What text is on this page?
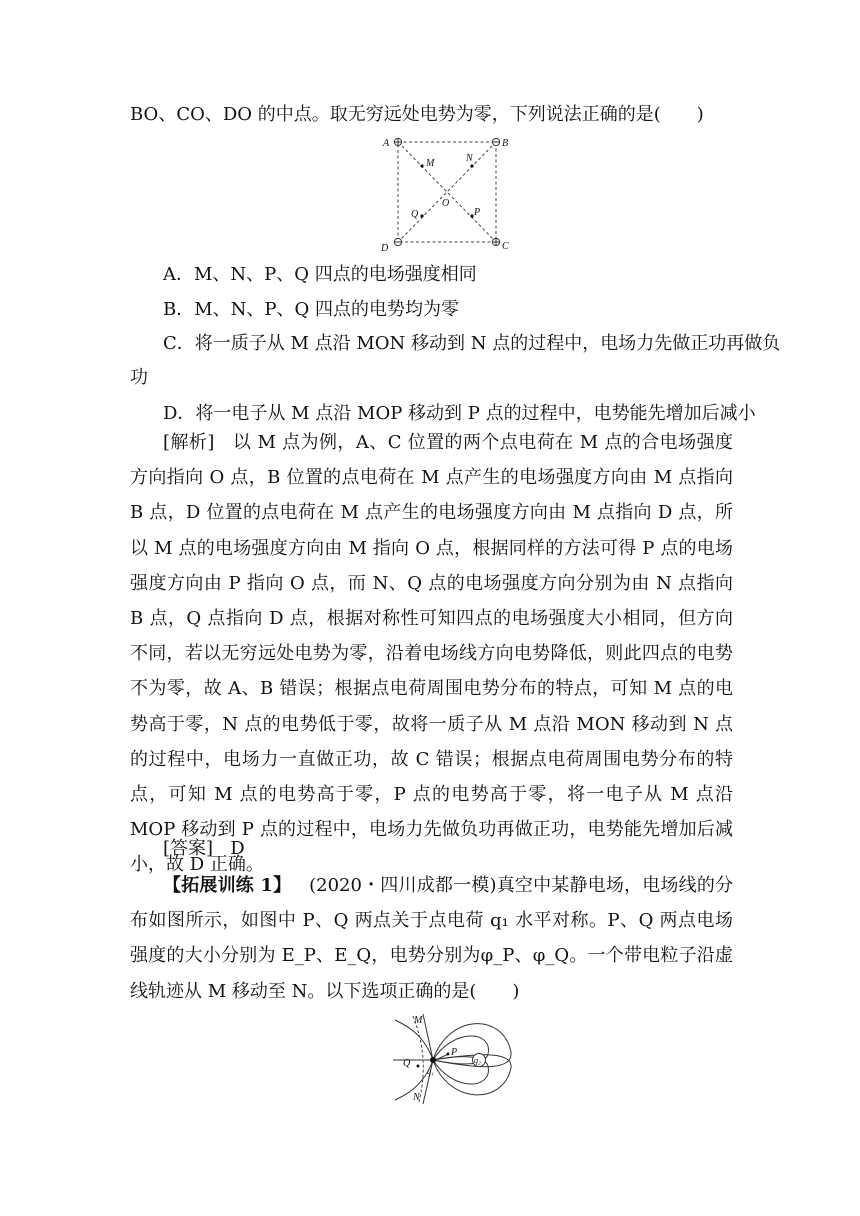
BO、CO、DO 的中点。取无穷远处电势为零，下列说法正确的是(　　)
A	B
C
D
M	N
O
P
Q
A．M、N、P、Q 四点的电场强度相同
B．M、N、P、Q 四点的电势均为零
C．将一质子从 M 点沿 MON 移动到 N 点的过程中，电场力先做正功再做负
功
D．将一电子从 M 点沿 MOP 移动到 P 点的过程中，电势能先增加后减小
[解析] 以 M 点为例，A、C 位置的两个点电荷在 M 点的合电场强度方向指向 O 点，B 位置的点电荷在 M 点产生的电场强度方向由 M 点指向 B 点，D 位置的点电荷在 M 点产生的电场强度方向由 M 点指向 D 点，所以 M 点的电场强度方向由 M 指向 O 点，根据同样的方法可得 P 点的电场强度方向由 P 指向 O 点，而 N、Q 点的电场强度方向分别为由 N 点指向 B 点，Q 点指向 D 点，根据对称性可知四点的电场强度大小相同，但方向不同，若以无穷远处电势为零，沿着电场线方向电势降低，则此四点的电势不为零，故 A、B 错误；根据点电荷周围电势分布的特点，可知 M 点的电势高于零，N 点的电势低于零，故将一质子从 M 点沿 MON 移动到 N 点的过程中，电场力一直做正功，故 C 错误；根据点电荷周围电势分布的特点，可知 M 点的电势高于零，P 点的电势高于零，将一电子从 M 点沿 MOP 移动到 P 点的过程中，电场力先做负功再做正功，电势能先增加后减小，故 D 正确。
[答案] D
【拓展训练 1】 (2020・四川成都一模)真空中某静电场，电场线的分布如图所示，如图中 P、Q 两点关于点电荷 q₁ 水平对称。P、Q 两点电场强度的大小分别为 E_P、E_Q，电势分别为φ_P、φ_Q。一个带电粒子沿虚线轨迹从 M 移动至 N。以下选项正确的是(　　)
M
N
P
Q
q₁
q₂
